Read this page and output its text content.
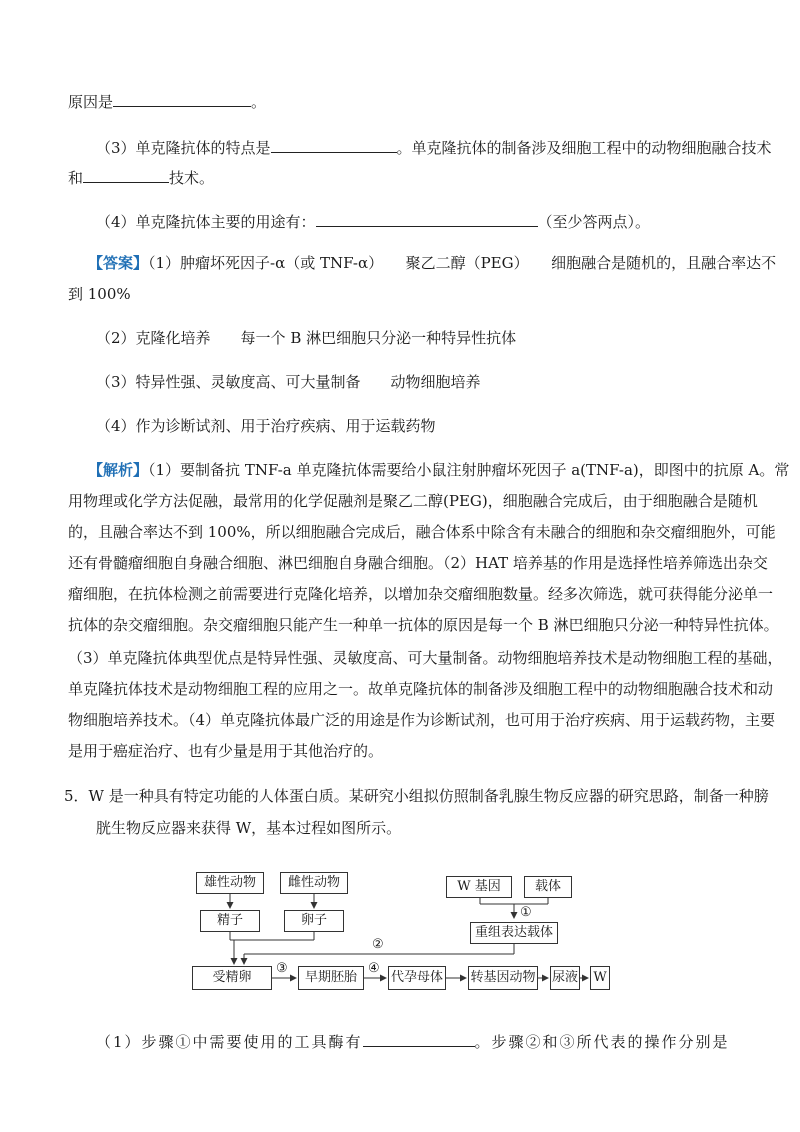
原因是	。
（3）单克隆抗体的特点是	。单克隆抗体的制备涉及细胞工程中的动物细胞融合技术
和	技术。
（4）单克隆抗体主要的用途有：	（至少答两点）。
【答案】（1）肿瘤坏死因子-α（或 TNF-α）　　聚乙二醇（PEG）　　细胞融合是随机的，且融合率达不
到 100%
（2）克隆化培养　　每一个 B 淋巴细胞只分泌一种特异性抗体
（3）特异性强、灵敏度高、可大量制备　　动物细胞培养
（4）作为诊断试剂、用于治疗疾病、用于运载药物
【解析】（1）要制备抗 TNF-a 单克隆抗体需要给小鼠注射肿瘤坏死因子 a(TNF-a)，即图中的抗原 A。常
用物理或化学方法促融，最常用的化学促融剂是聚乙二醇(PEG)，细胞融合完成后，由于细胞融合是随机
的，且融合率达不到 100%，所以细胞融合完成后，融合体系中除含有未融合的细胞和杂交瘤细胞外，可能
还有骨髓瘤细胞自身融合细胞、淋巴细胞自身融合细胞。（2）HAT 培养基的作用是选择性培养筛选出杂交
瘤细胞，在抗体检测之前需要进行克隆化培养，以增加杂交瘤细胞数量。经多次筛选，就可获得能分泌单一
抗体的杂交瘤细胞。杂交瘤细胞只能产生一种单一抗体的原因是每一个 B 淋巴细胞只分泌一种特异性抗体。
（3）单克隆抗体典型优点是特异性强、灵敏度高、可大量制备。动物细胞培养技术是动物细胞工程的基础，
单克隆抗体技术是动物细胞工程的应用之一。故单克隆抗体的制备涉及细胞工程中的动物细胞融合技术和动
物细胞培养技术。（4）单克隆抗体最广泛的用途是作为诊断试剂，也可用于治疗疾病、用于运载药物，主要
是用于癌症治疗、也有少量是用于其他治疗的。
5．W 是一种具有特定功能的人体蛋白质。某研究小组拟仿照制备乳腺生物反应器的研究思路，制备一种膀
胱生物反应器来获得 W，基本过程如图所示。
雄性动物	雌性动物	W 基因	载体
精子	卵子
重组表达载体
①
②
③	④
受精卵	早期胚胎	代孕母体 转基因动物 尿液 W
（1）步骤①中需要使用的工具酶有	。步骤②和③所代表的操作分别是
